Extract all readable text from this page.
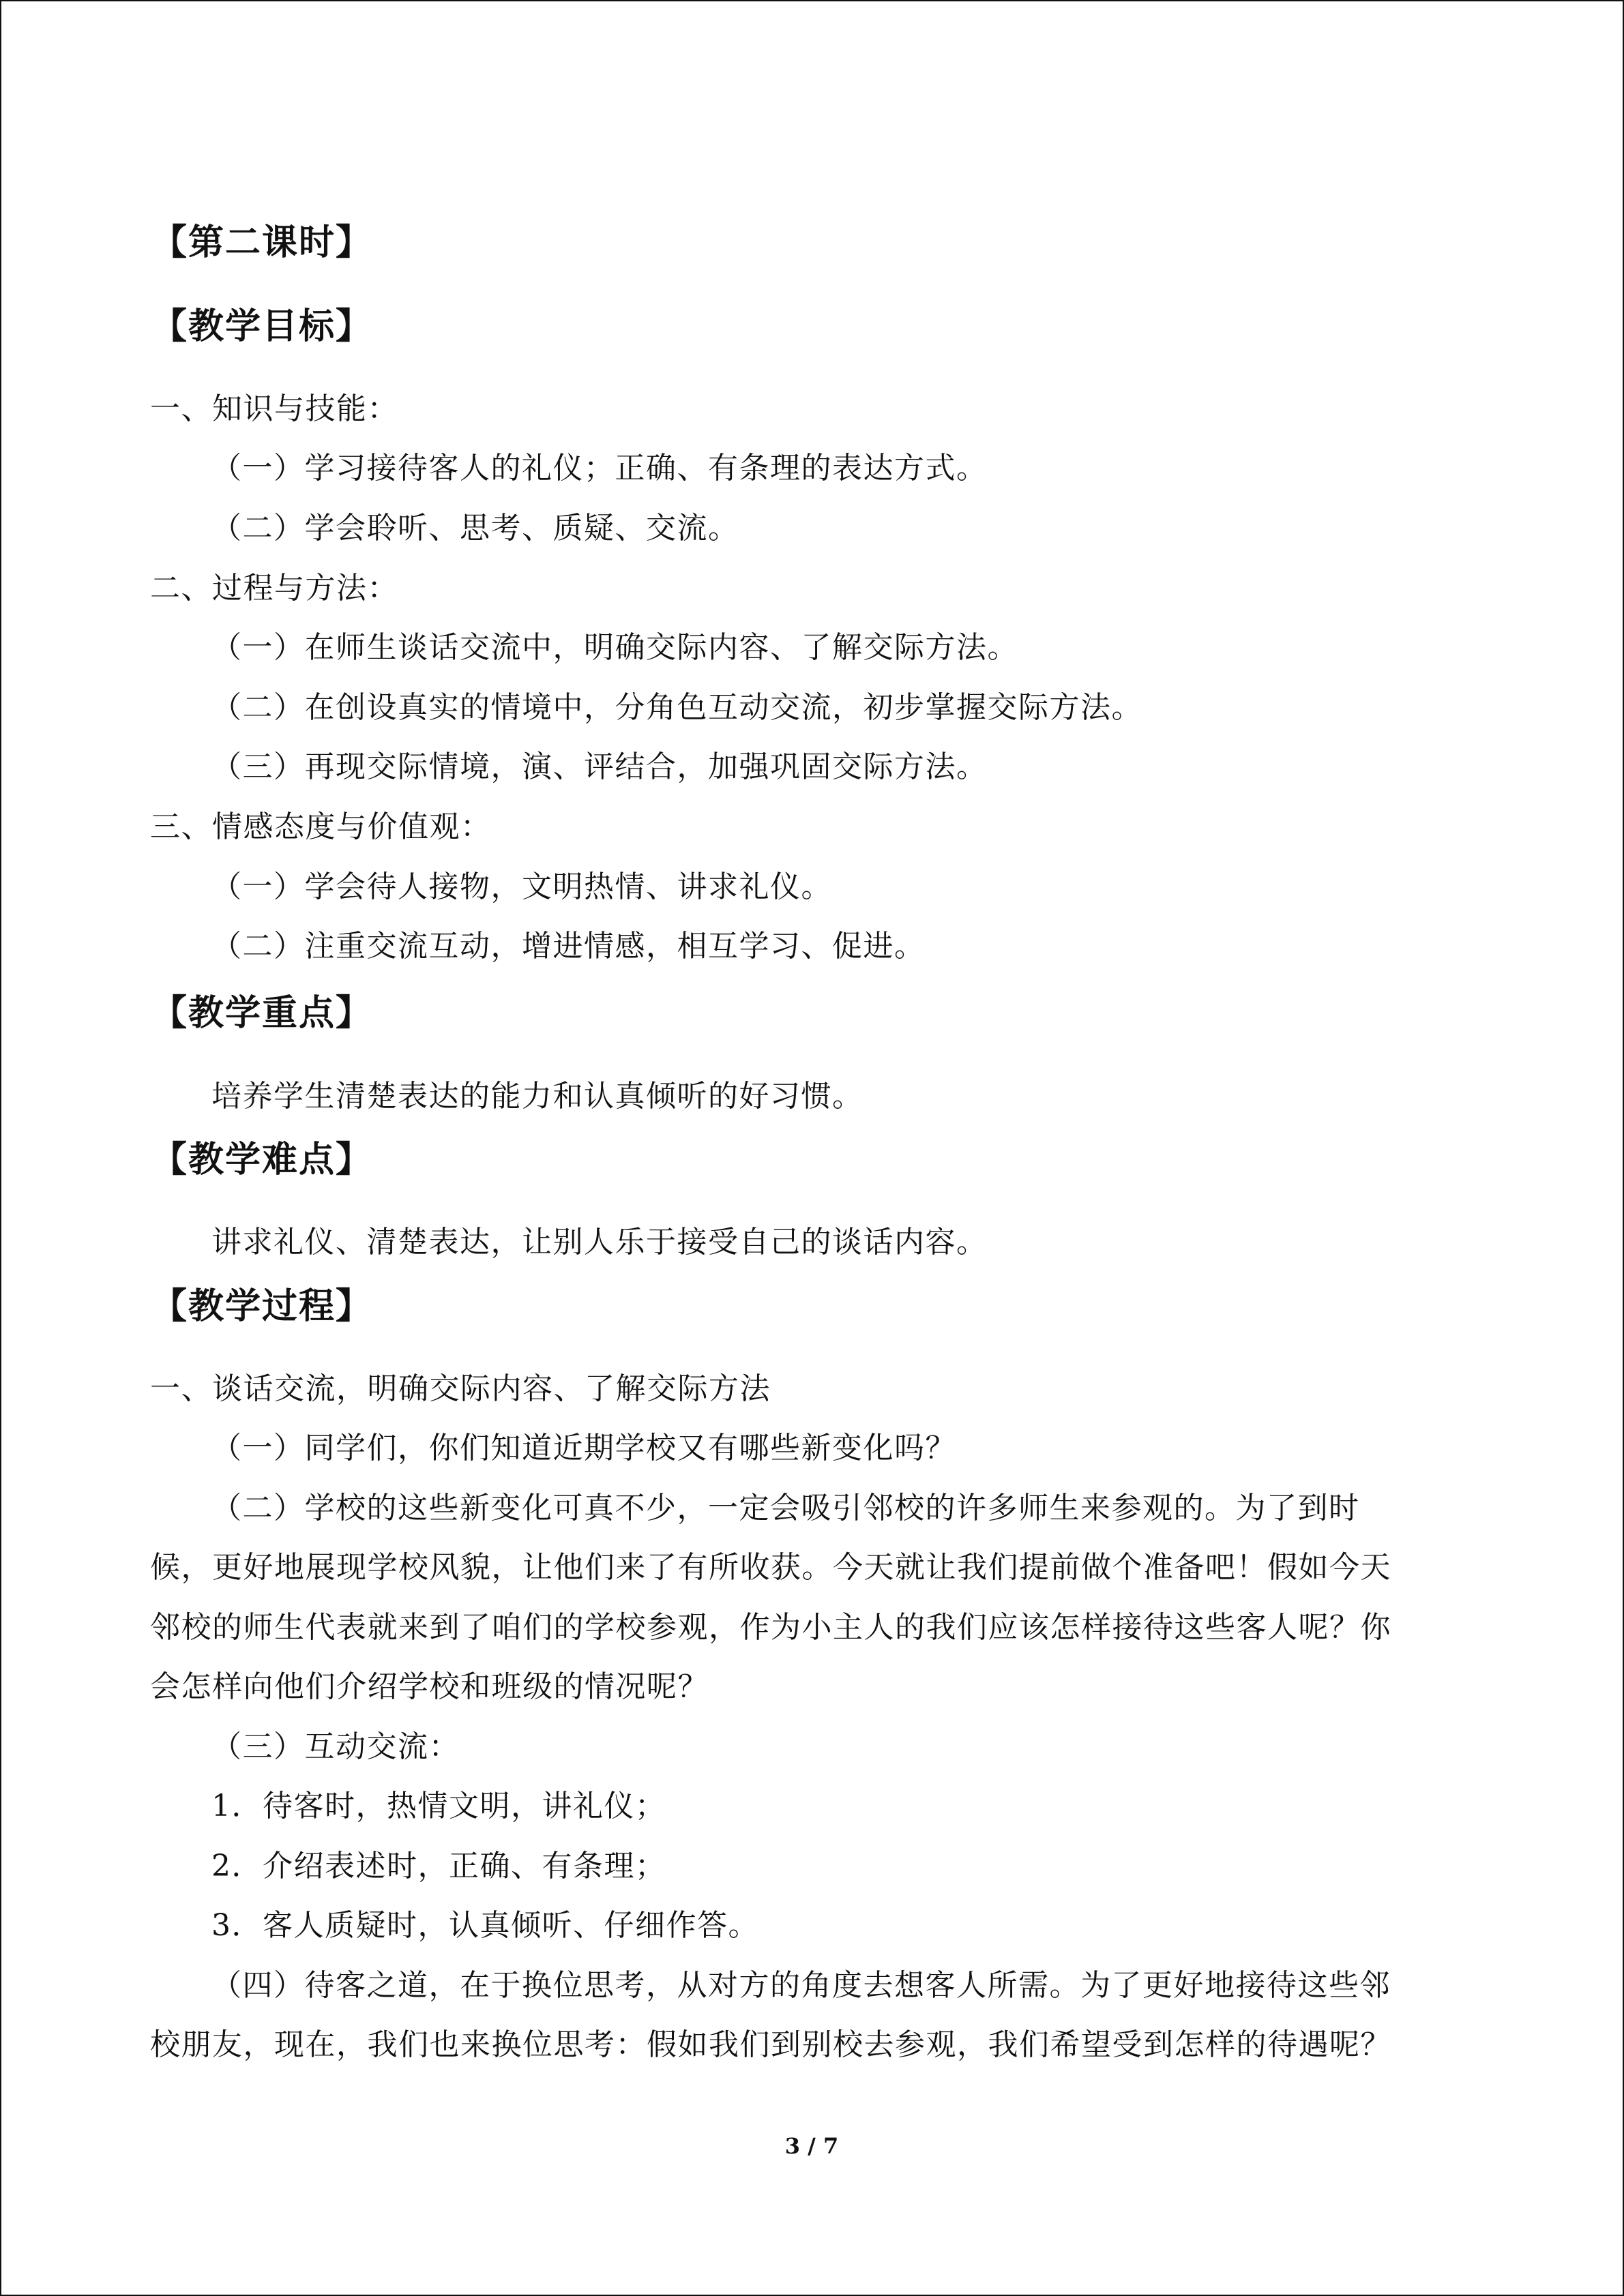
【第二课时】
【教学目标】
一、知识与技能：
（一）学习接待客人的礼仪；正确、有条理的表达方式。
（二）学会聆听、思考、质疑、交流。
二、过程与方法：
（一）在师生谈话交流中，明确交际内容、了解交际方法。
（二）在创设真实的情境中，分角色互动交流，初步掌握交际方法。
（三）再现交际情境，演、评结合，加强巩固交际方法。
三、情感态度与价值观：
（一）学会待人接物，文明热情、讲求礼仪。
（二）注重交流互动，增进情感，相互学习、促进。
【教学重点】
培养学生清楚表达的能力和认真倾听的好习惯。
【教学难点】
讲求礼仪、清楚表达，让别人乐于接受自己的谈话内容。
【教学过程】
一、谈话交流，明确交际内容、了解交际方法
（一）同学们，你们知道近期学校又有哪些新变化吗？
（二）学校的这些新变化可真不少，一定会吸引邻校的许多师生来参观的。为了到时
候，更好地展现学校风貌，让他们来了有所收获。今天就让我们提前做个准备吧！假如今天
邻校的师生代表就来到了咱们的学校参观，作为小主人的我们应该怎样接待这些客人呢？你
会怎样向他们介绍学校和班级的情况呢？
（三）互动交流：
1．待客时，热情文明，讲礼仪；
2．介绍表述时，正确、有条理；
3．客人质疑时，认真倾听、仔细作答。
（四）待客之道，在于换位思考，从对方的角度去想客人所需。为了更好地接待这些邻
校朋友，现在，我们也来换位思考：假如我们到别校去参观，我们希望受到怎样的待遇呢？
3 / 7
